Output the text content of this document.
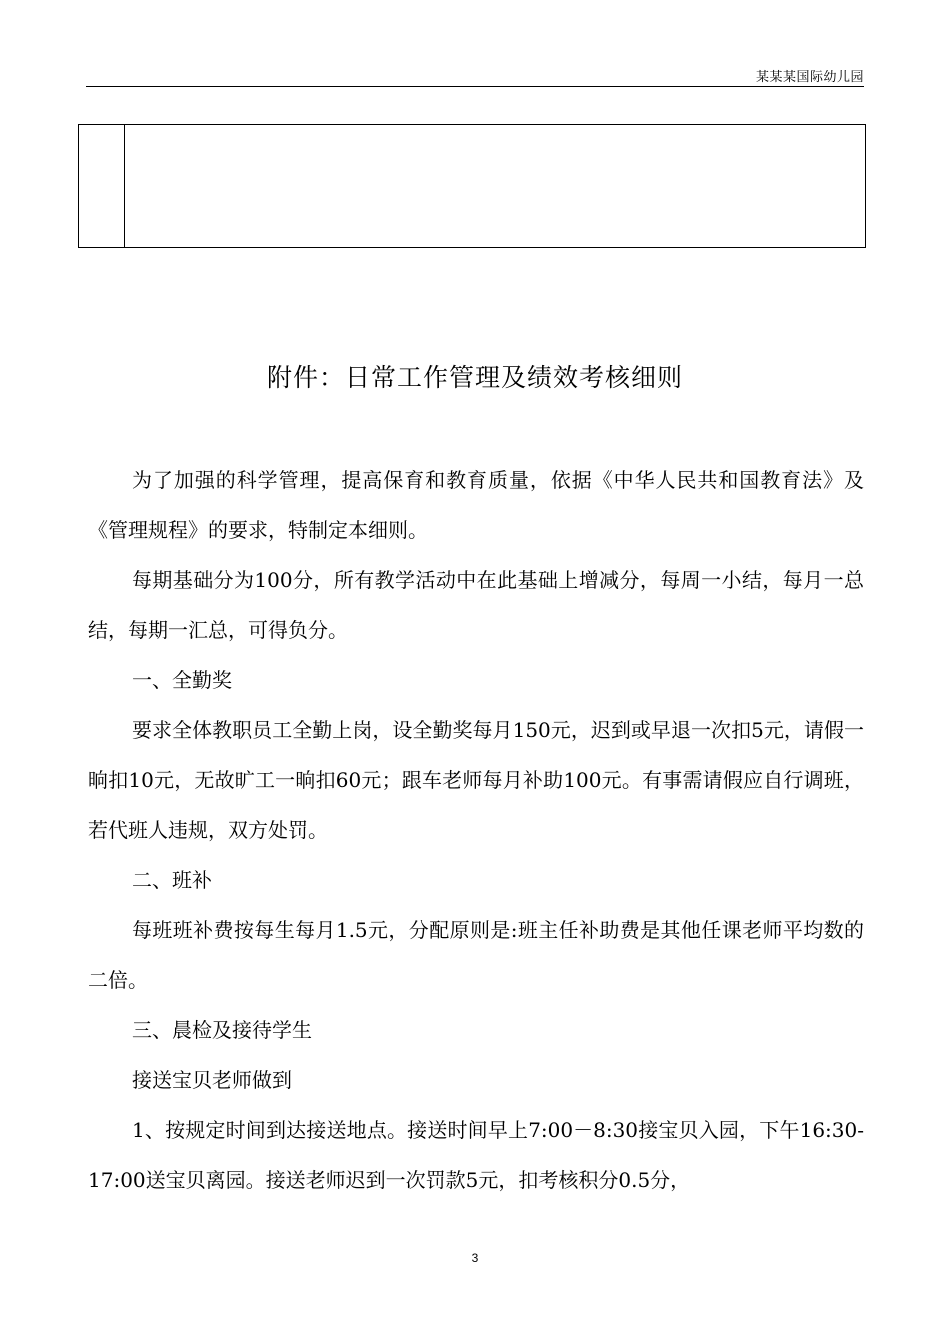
某某某国际幼儿园
附件：日常工作管理及绩效考核细则

为了加强的科学管理，提高保育和教育质量，依据《中华人民共和国教育法》及《管理规程》的要求，特制定本细则。

每期基础分为100分，所有教学活动中在此基础上增减分，每周一小结，每月一总结，每期一汇总，可得负分。

一、全勤奖

要求全体教职员工全勤上岗，设全勤奖每月150元，迟到或早退一次扣5元，请假一晌扣10元，无故旷工一晌扣60元；跟车老师每月补助100元。有事需请假应自行调班，若代班人违规，双方处罚。

二、班补

每班班补费按每生每月1.5元，分配原则是:班主任补助费是其他任课老师平均数的二倍。

三、晨检及接待学生

接送宝贝老师做到

1、按规定时间到达接送地点。接送时间早上7:00－8:30接宝贝入园，下午16:30-17:00送宝贝离园。接送老师迟到一次罚款5元，扣考核积分0.5分，

3
